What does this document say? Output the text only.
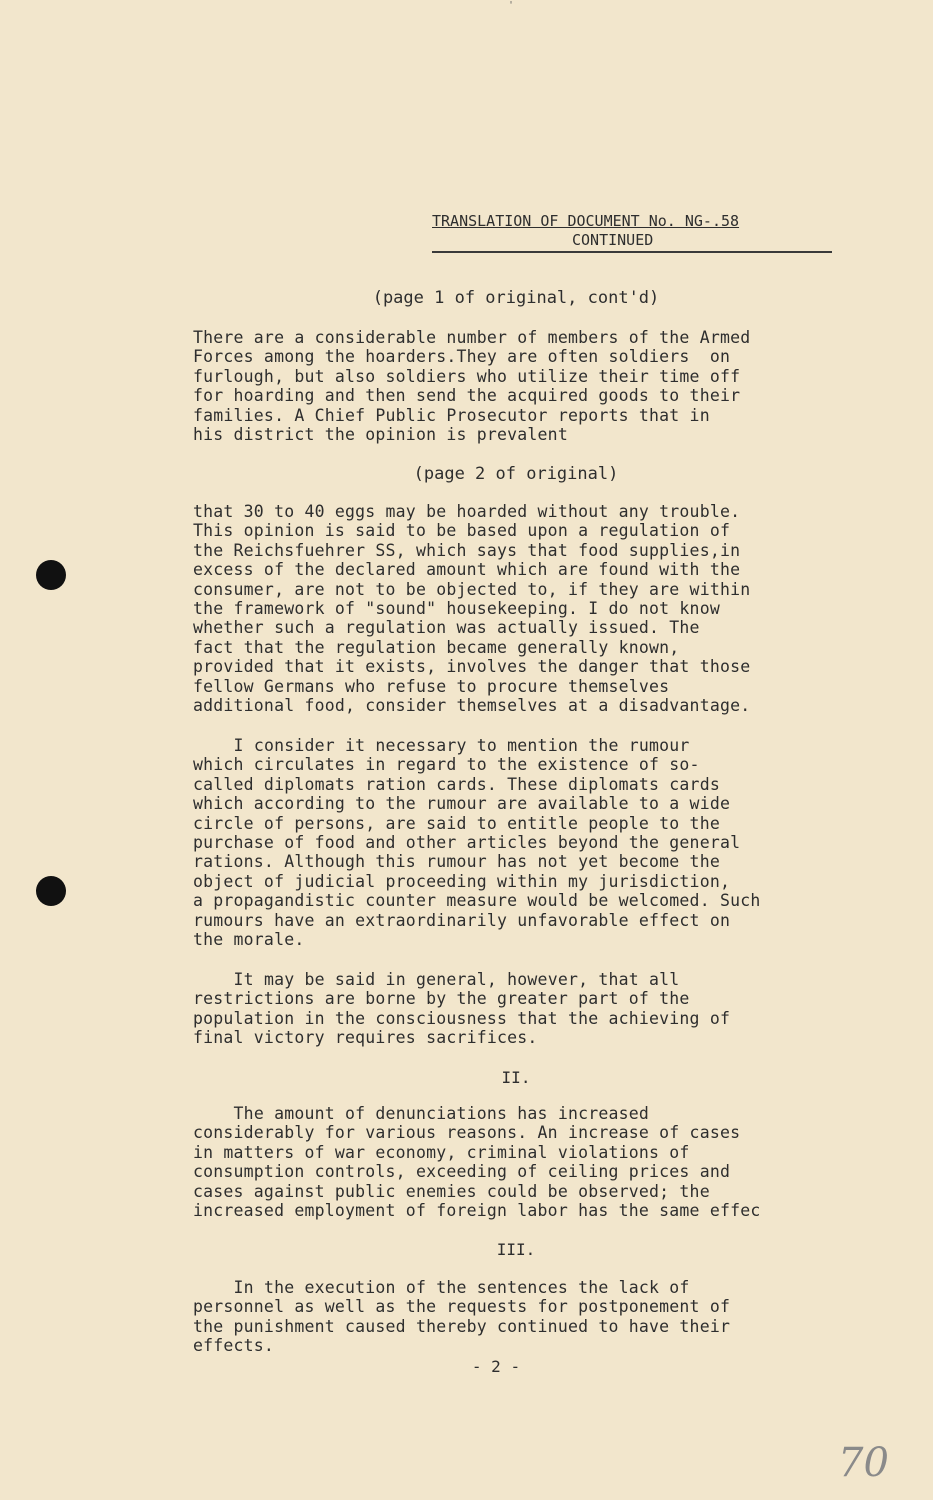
'
TRANSLATION OF DOCUMENT No. NG-.58
CONTINUED
(page 1 of original, cont'd)
There are a considerable number of members of the Armed
Forces among the hoarders.They are often soldiers  on
furlough, but also soldiers who utilize their time off
for hoarding and then send the acquired goods to their
families. A Chief Public Prosecutor reports that in
his district the opinion is prevalent
(page 2 of original)
that 30 to 40 eggs may be hoarded without any trouble.
This opinion is said to be based upon a regulation of
the Reichsfuehrer SS, which says that food supplies,in
excess of the declared amount which are found with the
consumer, are not to be objected to, if they are within
the framework of "sound" housekeeping. I do not know
whether such a regulation was actually issued. The
fact that the regulation became generally known,
provided that it exists, involves the danger that those
fellow Germans who refuse to procure themselves
additional food, consider themselves at a disadvantage.
I consider it necessary to mention the rumour
which circulates in regard to the existence of so-
called diplomats ration cards. These diplomats cards
which according to the rumour are available to a wide
circle of persons, are said to entitle people to the
purchase of food and other articles beyond the general
rations. Although this rumour has not yet become the
object of judicial proceeding within my jurisdiction,
a propagandistic counter measure would be welcomed. Such
rumours have an extraordinarily unfavorable effect on
the morale.
It may be said in general, however, that all
restrictions are borne by the greater part of the
population in the consciousness that the achieving of
final victory requires sacrifices.
II.
The amount of denunciations has increased
considerably for various reasons. An increase of cases
in matters of war economy, criminal violations of
consumption controls, exceeding of ceiling prices and
cases against public enemies could be observed; the
increased employment of foreign labor has the same effec
III.
In the execution of the sentences the lack of
personnel as well as the requests for postponement of
the punishment caused thereby continued to have their
effects.
- 2 -
70
